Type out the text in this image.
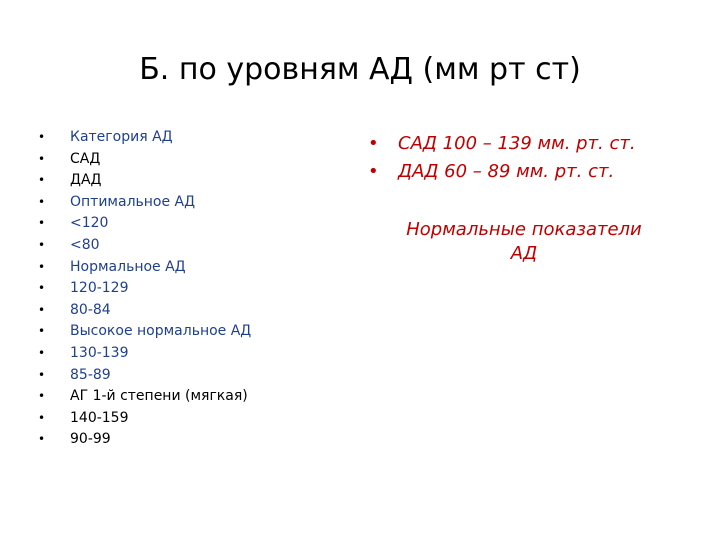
Б. по уровням АД (мм рт ст)
• Категория АД
• САД
• ДАД
• Оптимальное АД
• <120
• <80
• Нормальное АД
• 120-129
• 80-84
• Высокое нормальное АД
• 130-139
• 85-89
• АГ 1-й степени (мягкая)
• 140-159
• 90-99
• САД 100 – 139 мм. рт. ст.
• ДАД 60 – 89 мм. рт. ст.
Нормальные показатели
АД
